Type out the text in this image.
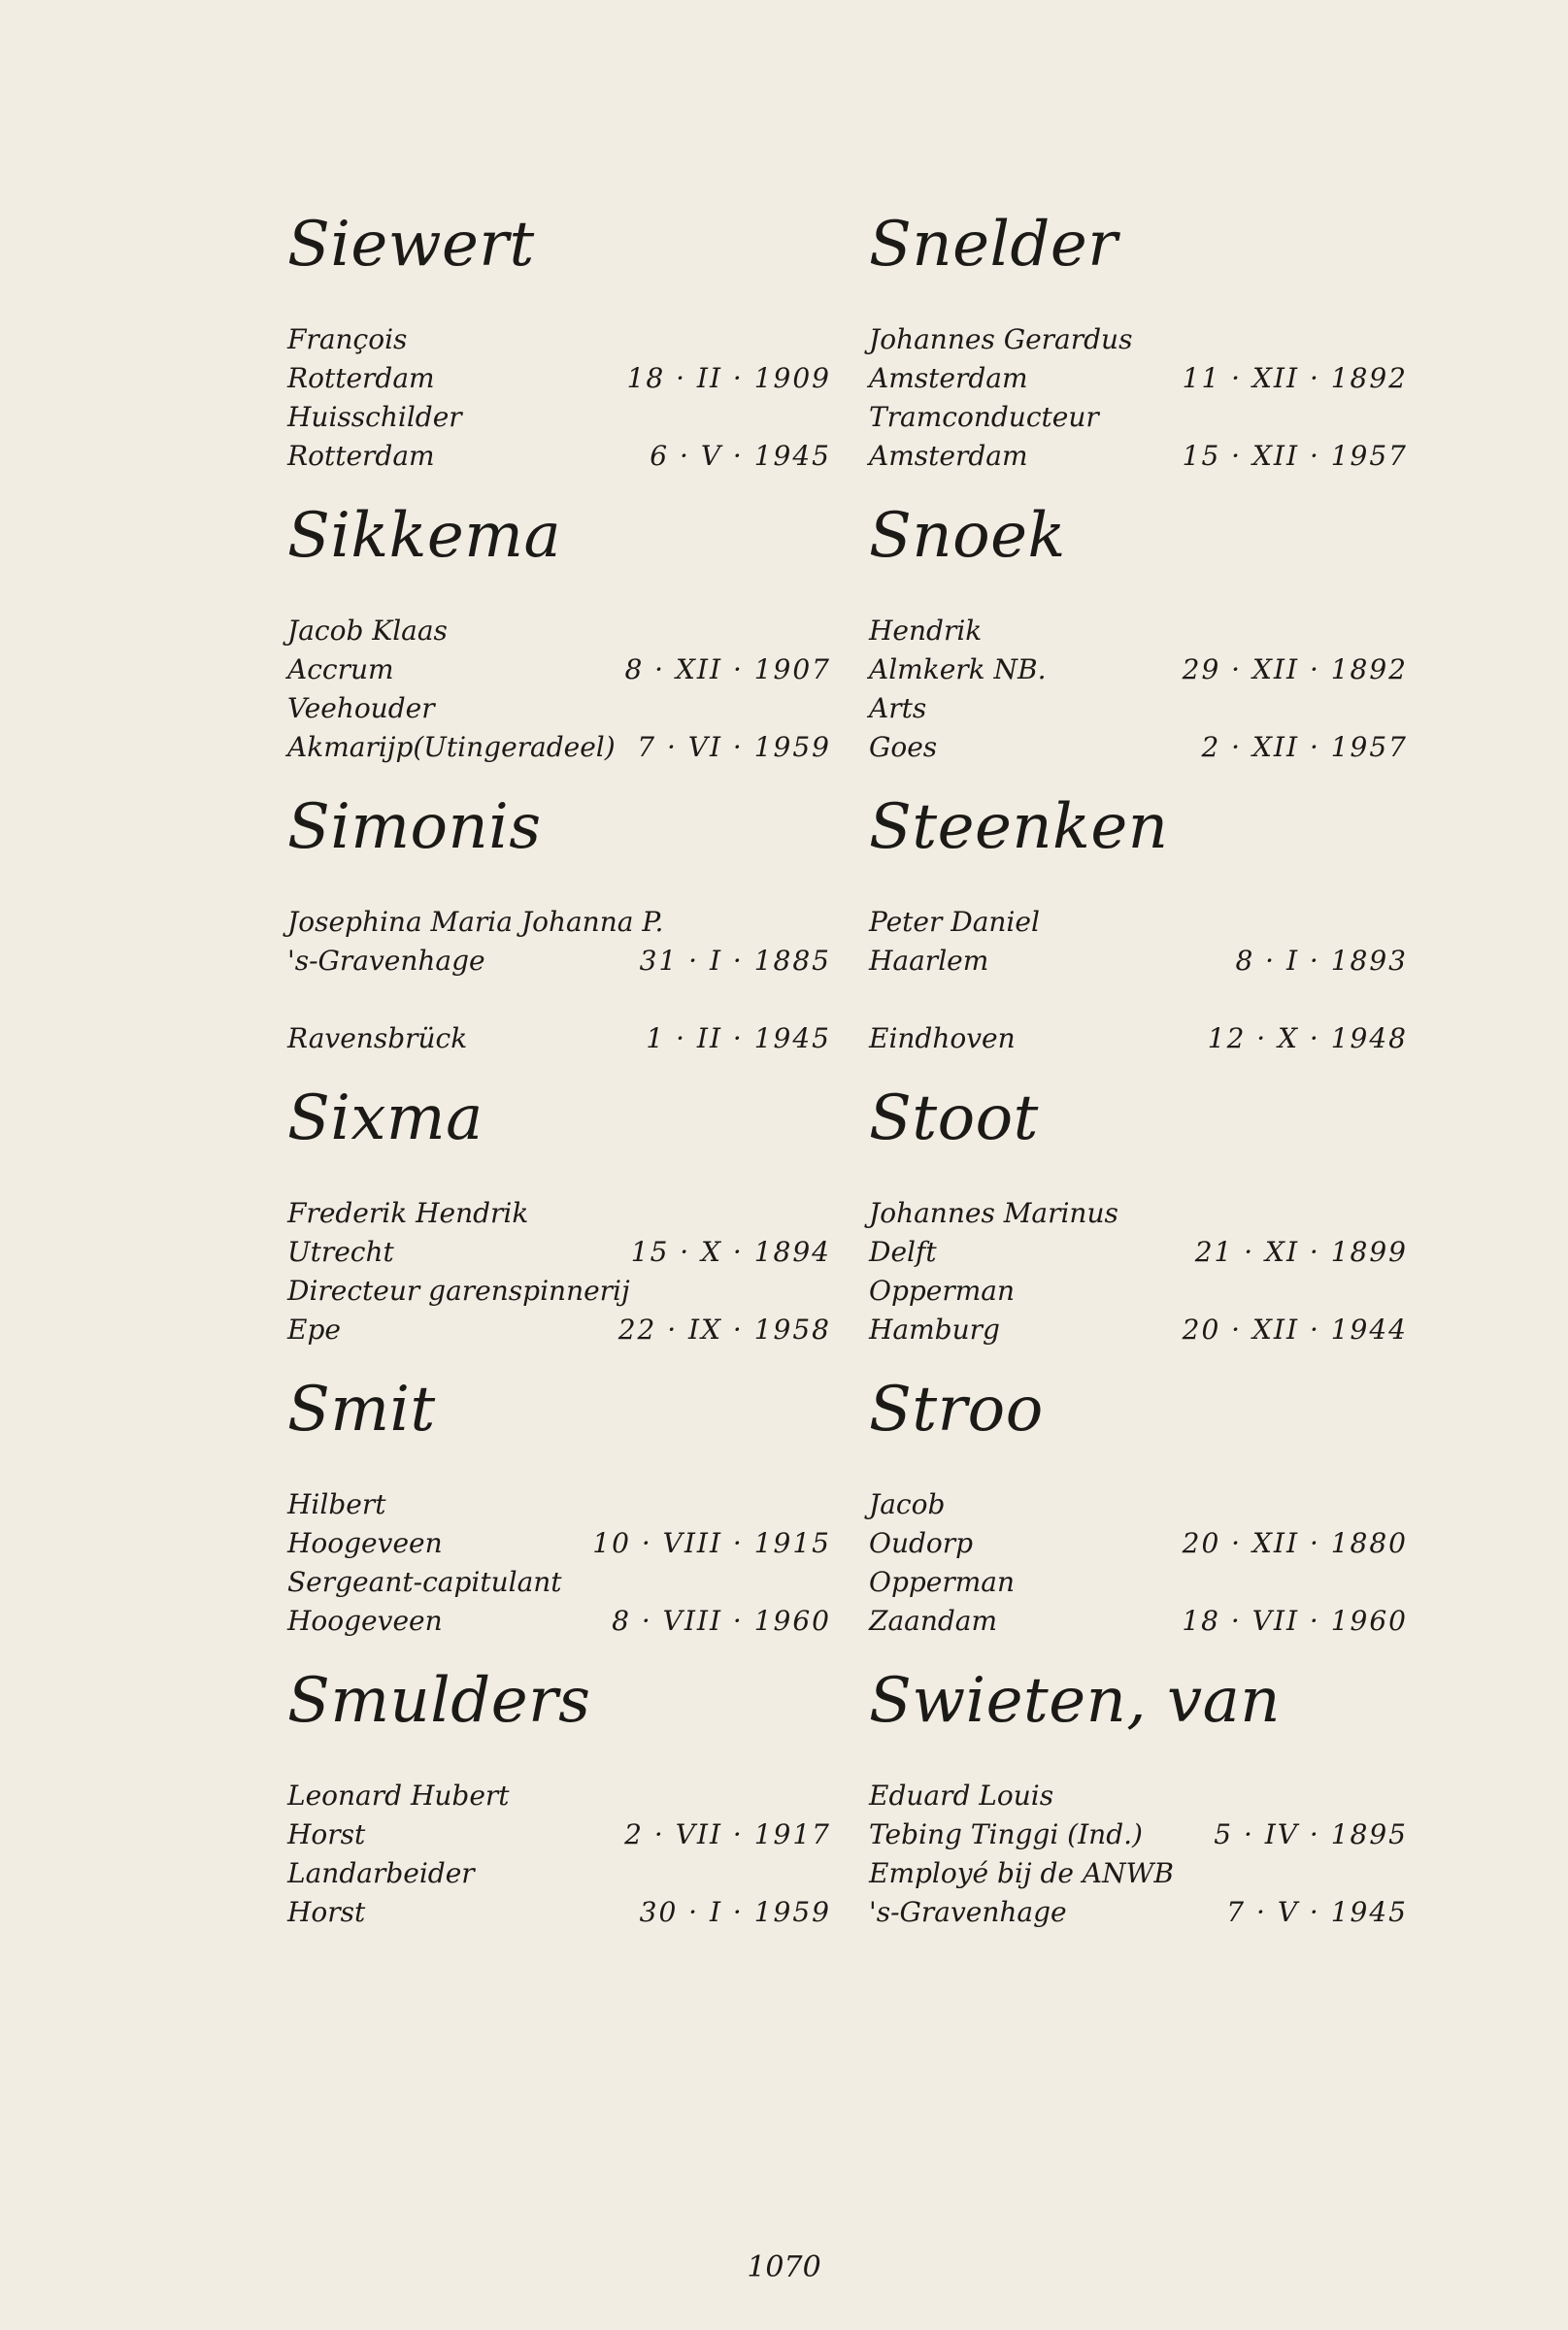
Siewert
François
Rotterdam	18 · II · 1909
Huisschilder
Rotterdam	6 · V · 1945
Sikkema
Jacob Klaas
Accrum	8 · XII · 1907
Veehouder
Akmarijp(Utingeradeel) 7 · VI · 1959
Simonis
Josephina Maria Johanna P.
's-Gravenhage	31 · I · 1885
Ravensbrück	1 · II · 1945
Sixma
Frederik Hendrik
Utrecht	15 · X · 1894
Directeur garenspinnerij
Epe	22 · IX · 1958
Smit
Hilbert
Hoogeveen	10 · VIII · 1915
Sergeant-capitulant
Hoogeveen	8 · VIII · 1960
Smulders
Leonard Hubert
Horst	2 · VII · 1917
Landarbeider
Horst	30 · I · 1959
Snelder
Johannes Gerardus
Amsterdam	11 · XII · 1892
Tramconducteur
Amsterdam	15 · XII · 1957
Snoek
Hendrik
Almkerk NB.	29 · XII · 1892
Arts
Goes	2 · XII · 1957
Steenken
Peter Daniel
Haarlem	8 · I · 1893
Eindhoven	12 · X · 1948
Stoot
Johannes Marinus
Delft	21 · XI · 1899
Opperman
Hamburg	20 · XII · 1944
Stroo
Jacob
Oudorp	20 · XII · 1880
Opperman
Zaandam	18 · VII · 1960
Swieten, van
Eduard Louis
Tebing Tinggi (Ind.)	5 · IV · 1895
Employé bij de ANWB
's-Gravenhage	7 · V · 1945
1070
